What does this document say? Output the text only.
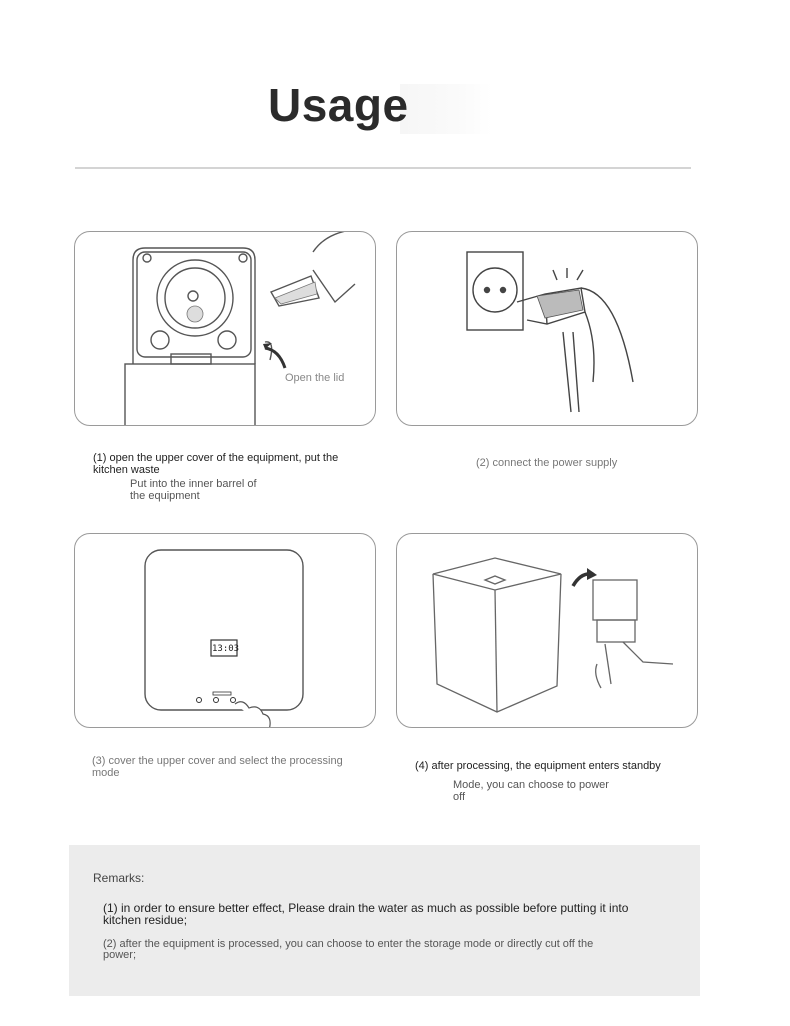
Usage
Open the lid
13:03
(1) open the upper cover of the equipment, put the kitchen waste
Put into the inner barrel of the equipment
(2) connect the power supply
(3) cover the upper cover and select the processing mode
(4) after processing, the equipment enters standby
Mode, you can choose to power off
Remarks:
(1) in order to ensure better effect, Please drain the water as much as possible before putting it into kitchen residue;
(2) after the equipment is processed, you can choose to enter the storage mode or directly cut off the power;
